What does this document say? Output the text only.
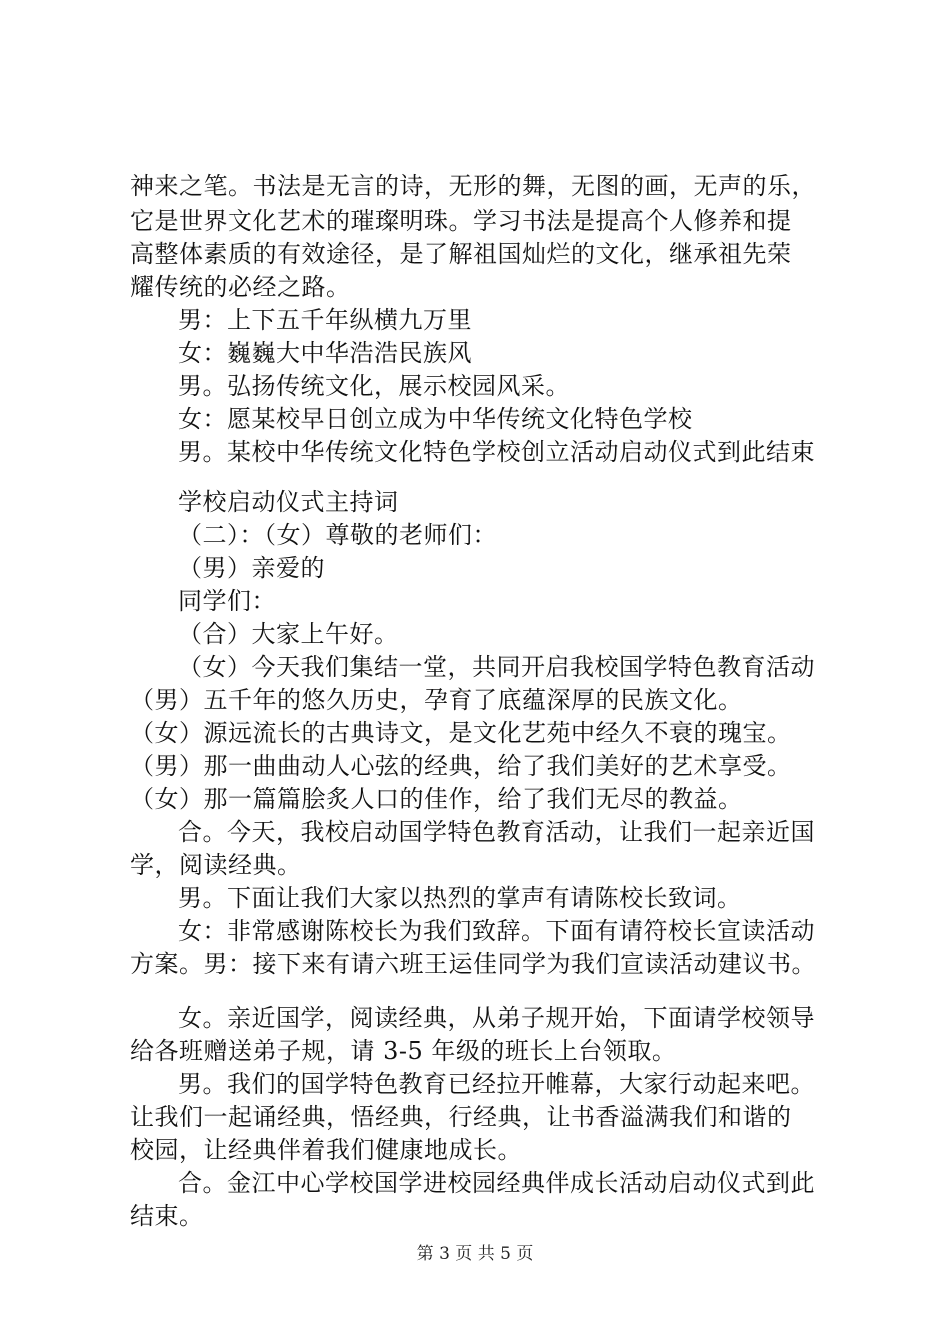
神来之笔。书法是无言的诗，无形的舞，无图的画，无声的乐，
它是世界文化艺术的璀璨明珠。学习书法是提高个人修养和提
高整体素质的有效途径，是了解祖国灿烂的文化，继承祖先荣
耀传统的必经之路。
男：上下五千年纵横九万里
女：巍巍大中华浩浩民族风
男。弘扬传统文化，展示校园风采。
女：愿某校早日创立成为中华传统文化特色学校
男。某校中华传统文化特色学校创立活动启动仪式到此结束
学校启动仪式主持词
（二）：（女）尊敬的老师们：
（男）亲爱的
同学们：
（合）大家上午好。
（女）今天我们集结一堂，共同开启我校国学特色教育活动
（男）五千年的悠久历史，孕育了底蕴深厚的民族文化。
（女）源远流长的古典诗文，是文化艺苑中经久不衰的瑰宝。
（男）那一曲曲动人心弦的经典，给了我们美好的艺术享受。
（女）那一篇篇脍炙人口的佳作，给了我们无尽的教益。
合。今天，我校启动国学特色教育活动，让我们一起亲近国
学，阅读经典。
男。下面让我们大家以热烈的掌声有请陈校长致词。
女：非常感谢陈校长为我们致辞。下面有请符校长宣读活动
方案。男：接下来有请六班王运佳同学为我们宣读活动建议书。
女。亲近国学，阅读经典，从弟子规开始，下面请学校领导
给各班赠送弟子规，请 3-5 年级的班长上台领取。
男。我们的国学特色教育已经拉开帷幕，大家行动起来吧。
让我们一起诵经典，悟经典，行经典，让书香溢满我们和谐的
校园，让经典伴着我们健康地成长。
合。金江中心学校国学进校园经典伴成长活动启动仪式到此
结束。
第 3 页 共 5 页
